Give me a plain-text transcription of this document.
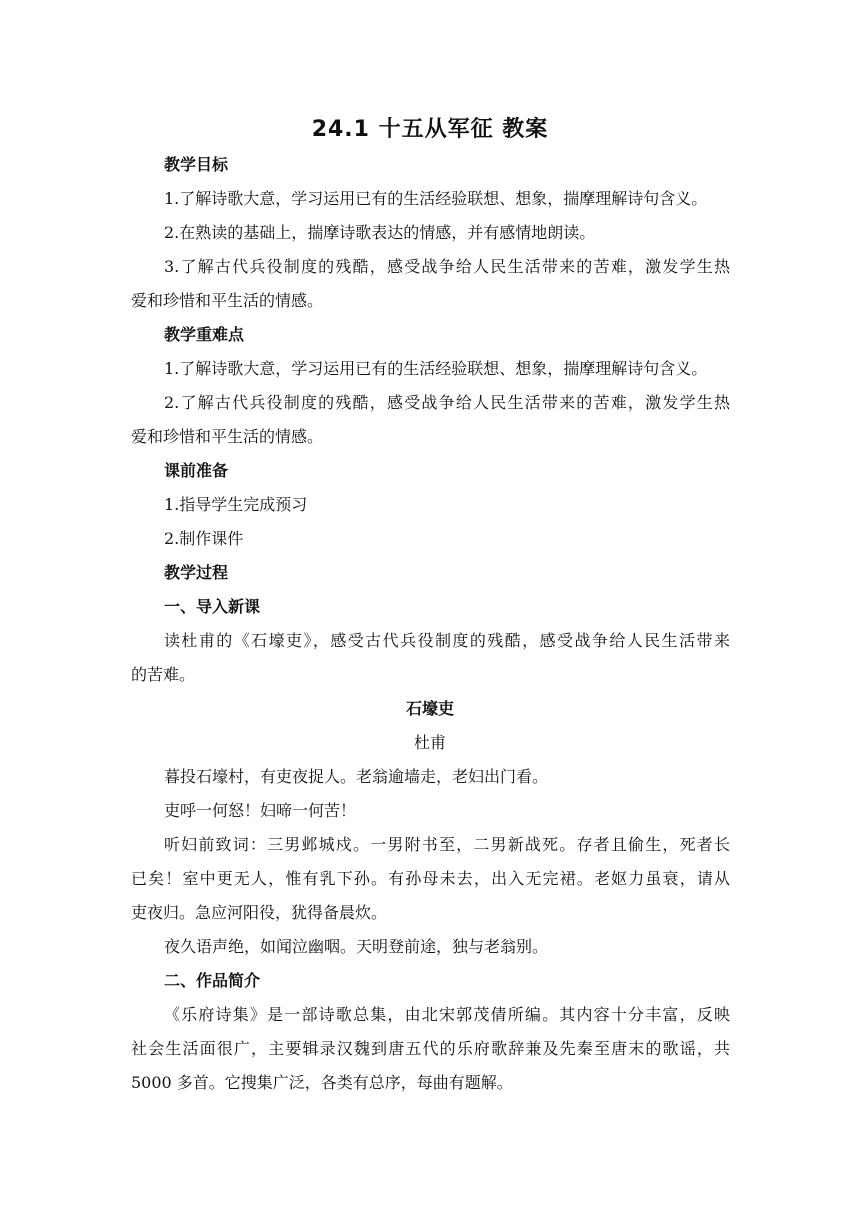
24.1 十五从军征 教案
教学目标
1.了解诗歌大意，学习运用已有的生活经验联想、想象，揣摩理解诗句含义。
2.在熟读的基础上，揣摩诗歌表达的情感，并有感情地朗读。
3.了解古代兵役制度的残酷，感受战争给人民生活带来的苦难，激发学生热
爱和珍惜和平生活的情感。
教学重难点
1.了解诗歌大意，学习运用已有的生活经验联想、想象，揣摩理解诗句含义。
2.了解古代兵役制度的残酷，感受战争给人民生活带来的苦难，激发学生热
爱和珍惜和平生活的情感。
课前准备
1.指导学生完成预习
2.制作课件
教学过程
一、导入新课
读杜甫的《石壕吏》，感受古代兵役制度的残酷，感受战争给人民生活带来
的苦难。
石壕吏
杜甫
暮投石壕村，有吏夜捉人。老翁逾墙走，老妇出门看。
吏呼一何怒！妇啼一何苦！
听妇前致词：三男邺城戍。一男附书至，二男新战死。存者且偷生，死者长
已矣！室中更无人，惟有乳下孙。有孙母未去，出入无完裙。老妪力虽衰，请从
吏夜归。急应河阳役，犹得备晨炊。
夜久语声绝，如闻泣幽咽。天明登前途，独与老翁别。
二、作品简介
《乐府诗集》是一部诗歌总集，由北宋郭茂倩所编。其内容十分丰富，反映
社会生活面很广，主要辑录汉魏到唐五代的乐府歌辞兼及先秦至唐末的歌谣，共
5000 多首。它搜集广泛，各类有总序，每曲有题解。
